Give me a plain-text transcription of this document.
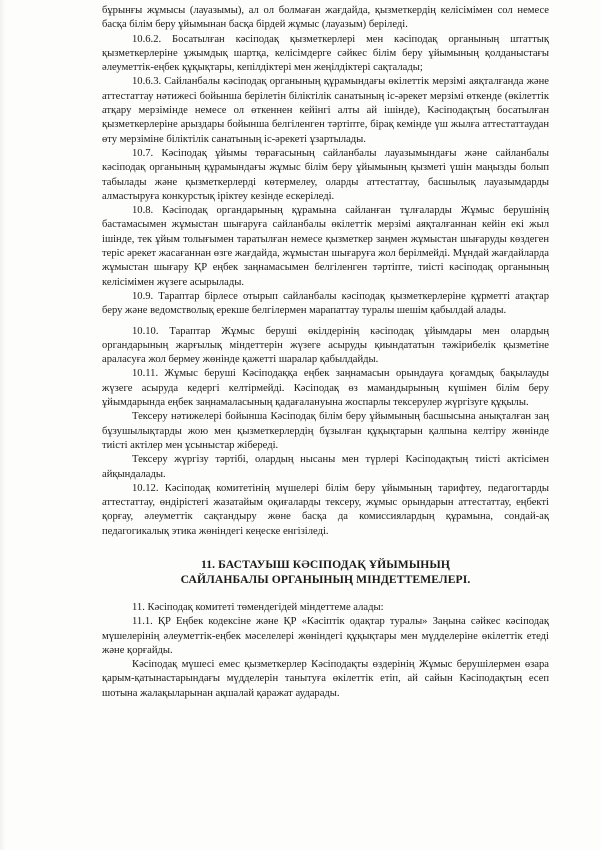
бұрынғы жұмысы (лауазымы), ал ол болмаған жағдайда, қызметкердің келісімімен сол немесе басқа білім беру ұйымынан басқа бірдей жұмыс (лауазым) беріледі.

10.6.2. Босатылған кәсіподақ қызметкерлері мен кәсіподақ органының штаттық қызметкерлеріне ұжымдық шартқа, келісімдерге сәйкес білім беру ұйымының қолданыстағы әлеуметтік-еңбек құқықтары, кепілдіктері мен жеңілдіктері сақталады;

10.6.3. Сайланбалы кәсіподақ органының құрамындағы өкілеттік мерзімі аяқталғанда және аттестаттау нәтижесі бойынша берілетін біліктілік санатының іс-әрекет мерзімі өткенде (өкілеттік атқару мерзімінде немесе ол өткеннен кейінгі алты ай ішінде), Кәсіподақтың босатылған қызметкерлеріне арыздары бойынша белгіленген тәртіпте, бірақ кемінде үш жылға аттестаттаудан өту мерзіміне біліктілік санатының іс-әрекеті ұзартылады.

10.7. Кәсіподақ ұйымы төрағасының сайланбалы лауазымындағы және сайланбалы кәсіподақ органының құрамындағы жұмыс білім беру ұйымының қызметі үшін маңызды болып табылады және қызметкерлерді көтермелеу, оларды аттестаттау, басшылық лауазымдарды алмастыруға конкурстық іріктеу кезінде ескеріледі.

10.8. Кәсіподақ органдарының құрамына сайланған тұлғаларды Жұмыс берушінің бастамасымен жұмыстан шығаруға сайланбалы өкілеттік мерзімі аяқталғаннан кейін екі жыл ішінде, тек ұйым толығымен таратылған немесе қызметкер заңмен жұмыстан шығаруды көздеген теріс әрекет жасағаннан өзге жағдайда, жұмыстан шығаруға жол берілмейді. Мұндай жағдайларда жұмыстан шығару ҚР еңбек заңнамасымен белгіленген тәртіпте, тиісті кәсіподақ органының келісімімен жүзеге асырылады.

10.9. Тараптар бірлесе отырып сайланбалы кәсіподақ қызметкерлеріне құрметті атақтар беру және ведомстволық ерекше белгілермен марапаттау туралы шешім қабылдай алады.

10.10. Тараптар Жұмыс беруші өкілдерінің кәсіподақ ұйымдары мен олардың органдарының жарғылық міндеттерін жүзеге асыруды қиындататын тәжірибелік қызметіне араласуға жол бермеу жөнінде қажетті шаралар қабылдайды.

10.11. Жұмыс беруші Кәсіподаққа еңбек заңнамасын орындауға қоғамдық бақылауды жүзеге асыруда кедергі келтірмейді. Кәсіподақ өз мамандырының күшімен білім беру ұйымдарында еңбек заңнамаласының қадағалануына жоспарлы тексерулер жүргізуге құқылы.

Тексеру нәтижелері бойынша Кәсіподақ білім беру ұйымының басшысына анықталған заң бұзушылықтарды жою мен қызметкерлердің бұзылған құқықтарын қалпына келтіру жөнінде тиісті актілер мен ұсыныстар жібереді.

Тексеру жүргізу тәртібі, олардың нысаны мен түрлері Кәсіподақтың тиісті актісімен айқындалады.

10.12. Кәсіподақ комитетінің мүшелері білім беру ұйымының тарифтеу, педагогтарды аттестаттау, өндірістегі жазатайым оқиғаларды тексеру, жұмыс орындарын аттестаттау, еңбекті қорғау, әлеуметтік сақтандыру жөне басқа да комиссиялардың құрамына, сондай-ақ педагогикалық этика жөніндегі кеңеске енгізіледі.

11. БАСТАУЫШ КӘСІПОДАҚ ҰЙЫМЫНЫҢ
САЙЛАНБАЛЫ ОРГАНЫНЫҢ МІНДЕТТЕМЕЛЕРІ.

11. Кәсіподақ комитеті төмендегідей міндеттеме алады:

11.1. ҚР Еңбек кодексіне және ҚР «Кәсіптік одақтар туралы» Заңына сәйкес кәсіподақ мүшелерінің әлеуметтік-еңбек мәселелері жөніндегі құқықтары мен мүдделеріне өкілеттік етеді және қорғайды.

Кәсіподақ мүшесі емес қызметкерлер Кәсіподақты өздерінің Жұмыс берушілермен өзара қарым-қатынастарындағы мүдделерін танытуға өкілеттік етіп, ай сайын Кәсіподақтың есеп шотына жалақыларынан ақшалай қаражат аударады.
